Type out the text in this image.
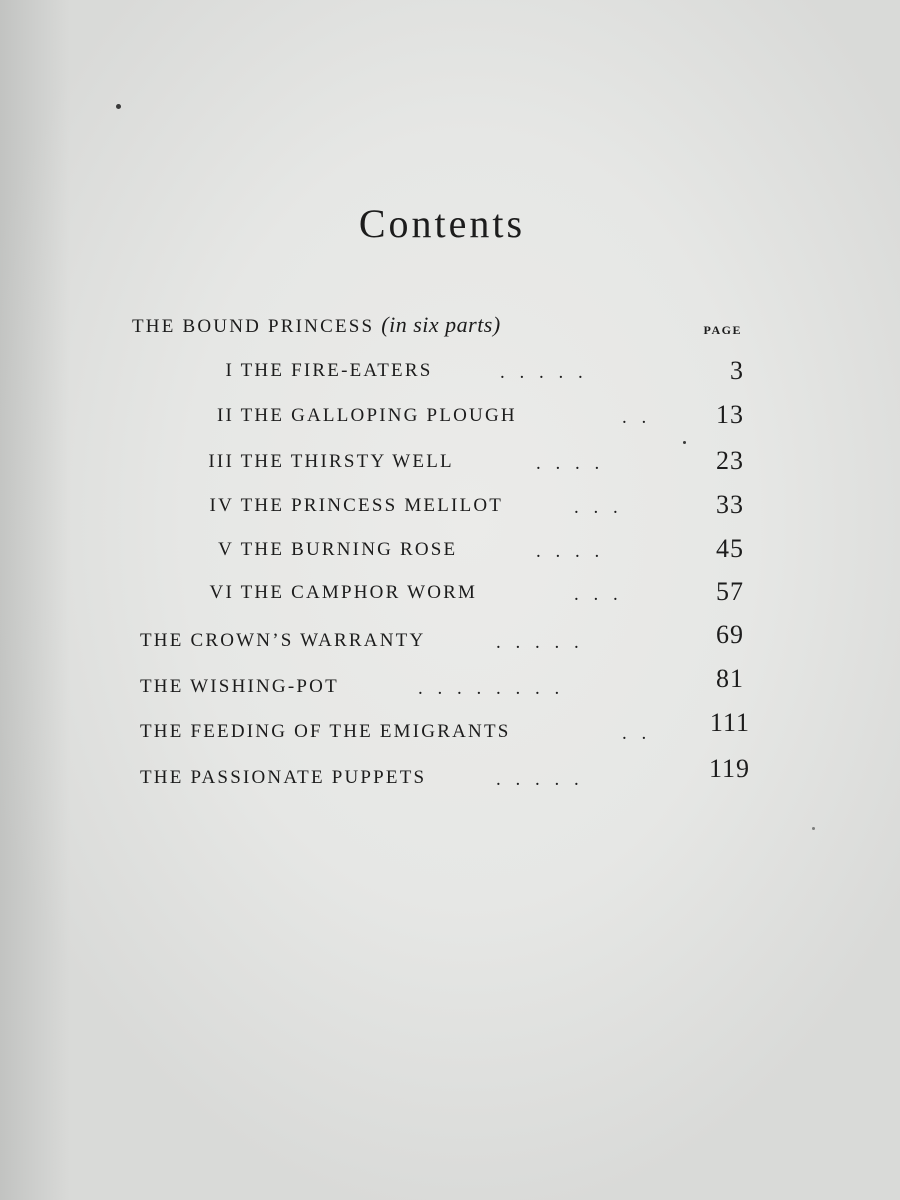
Contents
PAGE
THE BOUND PRINCESS (in six parts)
I THE FIRE-EATERS	. . . . .	3
II THE GALLOPING PLOUGH	. .	13
III THE THIRSTY WELL	. . . .	23
IV THE PRINCESS MELILOT	. . .	33
V THE BURNING ROSE	. . . .	45
VI THE CAMPHOR WORM	. . .	57
THE CROWN’S WARRANTY	. . . . .	69
THE WISHING-POT	. . . . . . . .	81
THE FEEDING OF THE EMIGRANTS	. . 111
THE PASSIONATE PUPPETS	. . . . .	119
